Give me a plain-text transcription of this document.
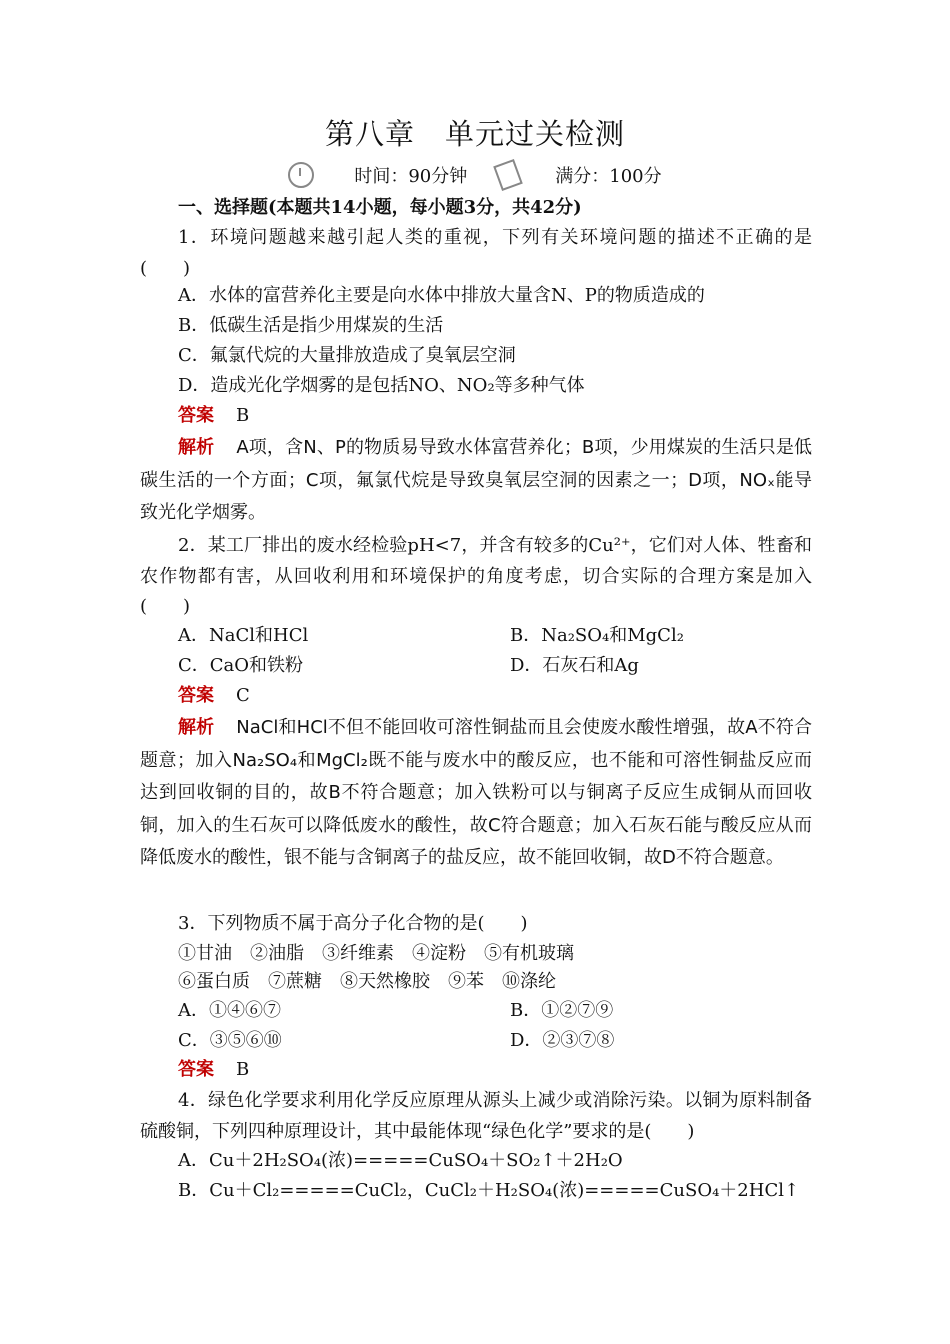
第八章　单元过关检测
时间：90分钟	满分：100分
一、选择题(本题共14小题，每小题3分，共42分)
1．环境问题越来越引起人类的重视，下列有关环境问题的描述不正确的是(　　)
A．水体的富营养化主要是向水体中排放大量含N、P的物质造成的
B．低碳生活是指少用煤炭的生活
C．氟氯代烷的大量排放造成了臭氧层空洞
D．造成光化学烟雾的是包括NO、NO₂等多种气体
答案 B
解析 A项，含N、P的物质易导致水体富营养化；B项，少用煤炭的生活只是低碳生活的一个方面；C项，氟氯代烷是导致臭氧层空洞的因素之一；D项，NOₓ能导致光化学烟雾。
2．某工厂排出的废水经检验pH<7，并含有较多的Cu²⁺，它们对人体、牲畜和农作物都有害，从回收利用和环境保护的角度考虑，切合实际的合理方案是加入(　　)
A．NaCl和HCl	B．Na₂SO₄和MgCl₂
C．CaO和铁粉	D．石灰石和Ag
答案 C
解析 NaCl和HCl不但不能回收可溶性铜盐而且会使废水酸性增强，故A不符合题意；加入Na₂SO₄和MgCl₂既不能与废水中的酸反应，也不能和可溶性铜盐反应而达到回收铜的目的，故B不符合题意；加入铁粉可以与铜离子反应生成铜从而回收铜，加入的生石灰可以降低废水的酸性，故C符合题意；加入石灰石能与酸反应从而降低废水的酸性，银不能与含铜离子的盐反应，故不能回收铜，故D不符合题意。
3．下列物质不属于高分子化合物的是(　　)
①甘油　②油脂　③纤维素　④淀粉　⑤有机玻璃
⑥蛋白质　⑦蔗糖　⑧天然橡胶　⑨苯　⑩涤纶
A．①④⑥⑦	B．①②⑦⑨
C．③⑤⑥⑩	D．②③⑦⑧
答案 B
4．绿色化学要求利用化学反应原理从源头上减少或消除污染。以铜为原料制备硫酸铜，下列四种原理设计，其中最能体现“绿色化学”要求的是(　　)
A．Cu＋2H₂SO₄(浓)=====CuSO₄＋SO₂↑＋2H₂O
B．Cu＋Cl₂=====CuCl₂，CuCl₂＋H₂SO₄(浓)=====CuSO₄＋2HCl↑
